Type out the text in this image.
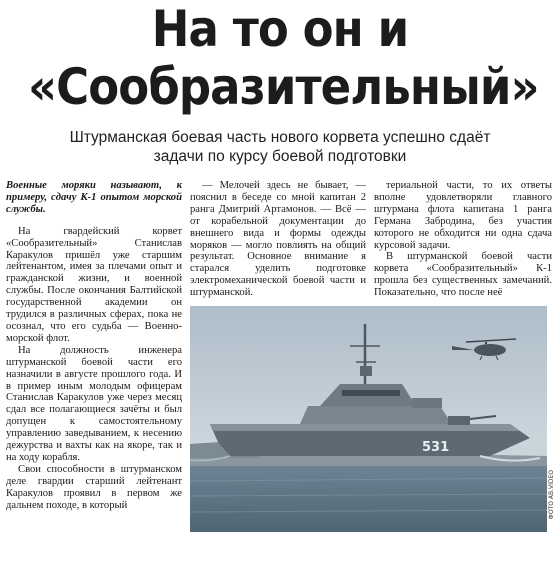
На то он и
«Сообразительный»
Штурманская боевая часть нового корвета успешно сдаёт
задачи по курсу боевой подготовки

Военные моряки называют, к примеру, сдачу К-1 опытом морской службы.

На гвардейский корвет «Сообразительный» Станислав Каракулов пришёл уже старшим лейтенантом, имея за плечами опыт и гражданской жизни, и военной службы. После окончания Балтийской государственной академии он трудился в различных сферах, пока не осознал, что его судьба — Военно-морской флот.

На должность инженера штурманской боевой части его назначили в августе прошлого года. И в пример иным молодым офицерам Станислав Каракулов уже через месяц сдал все полагающиеся зачёты и был допущен к самостоятельному управлению заведыванием, к несению дежурства и вахты как на якоре, так и на ходу корабля.

Свои способности в штурманском деле гвардии старший лейтенант Каракулов проявил в первом же дальнем походе, в который

— Мелочей здесь не бывает, — пояснил в беседе со мной капитан 2 ранга Дмитрий Артамонов. — Всё — от корабельной документации до внешнего вида и формы одежды моряков — могло повлиять на общий результат. Основное внимание я старался уделить подготовке электромеханической боевой части и штурманской.

териальной части, то их ответы вполне удовлетворяли главного штурмана флота капитана 1 ранга Германа Забродина, без участия которого не обходится ни одна сдача курсовой задачи.

В штурманской боевой части корвета «Сообразительный» К-1 прошла без существенных замечаний. Показательно, что после неё

531
ФОТО AB.VIDEO
